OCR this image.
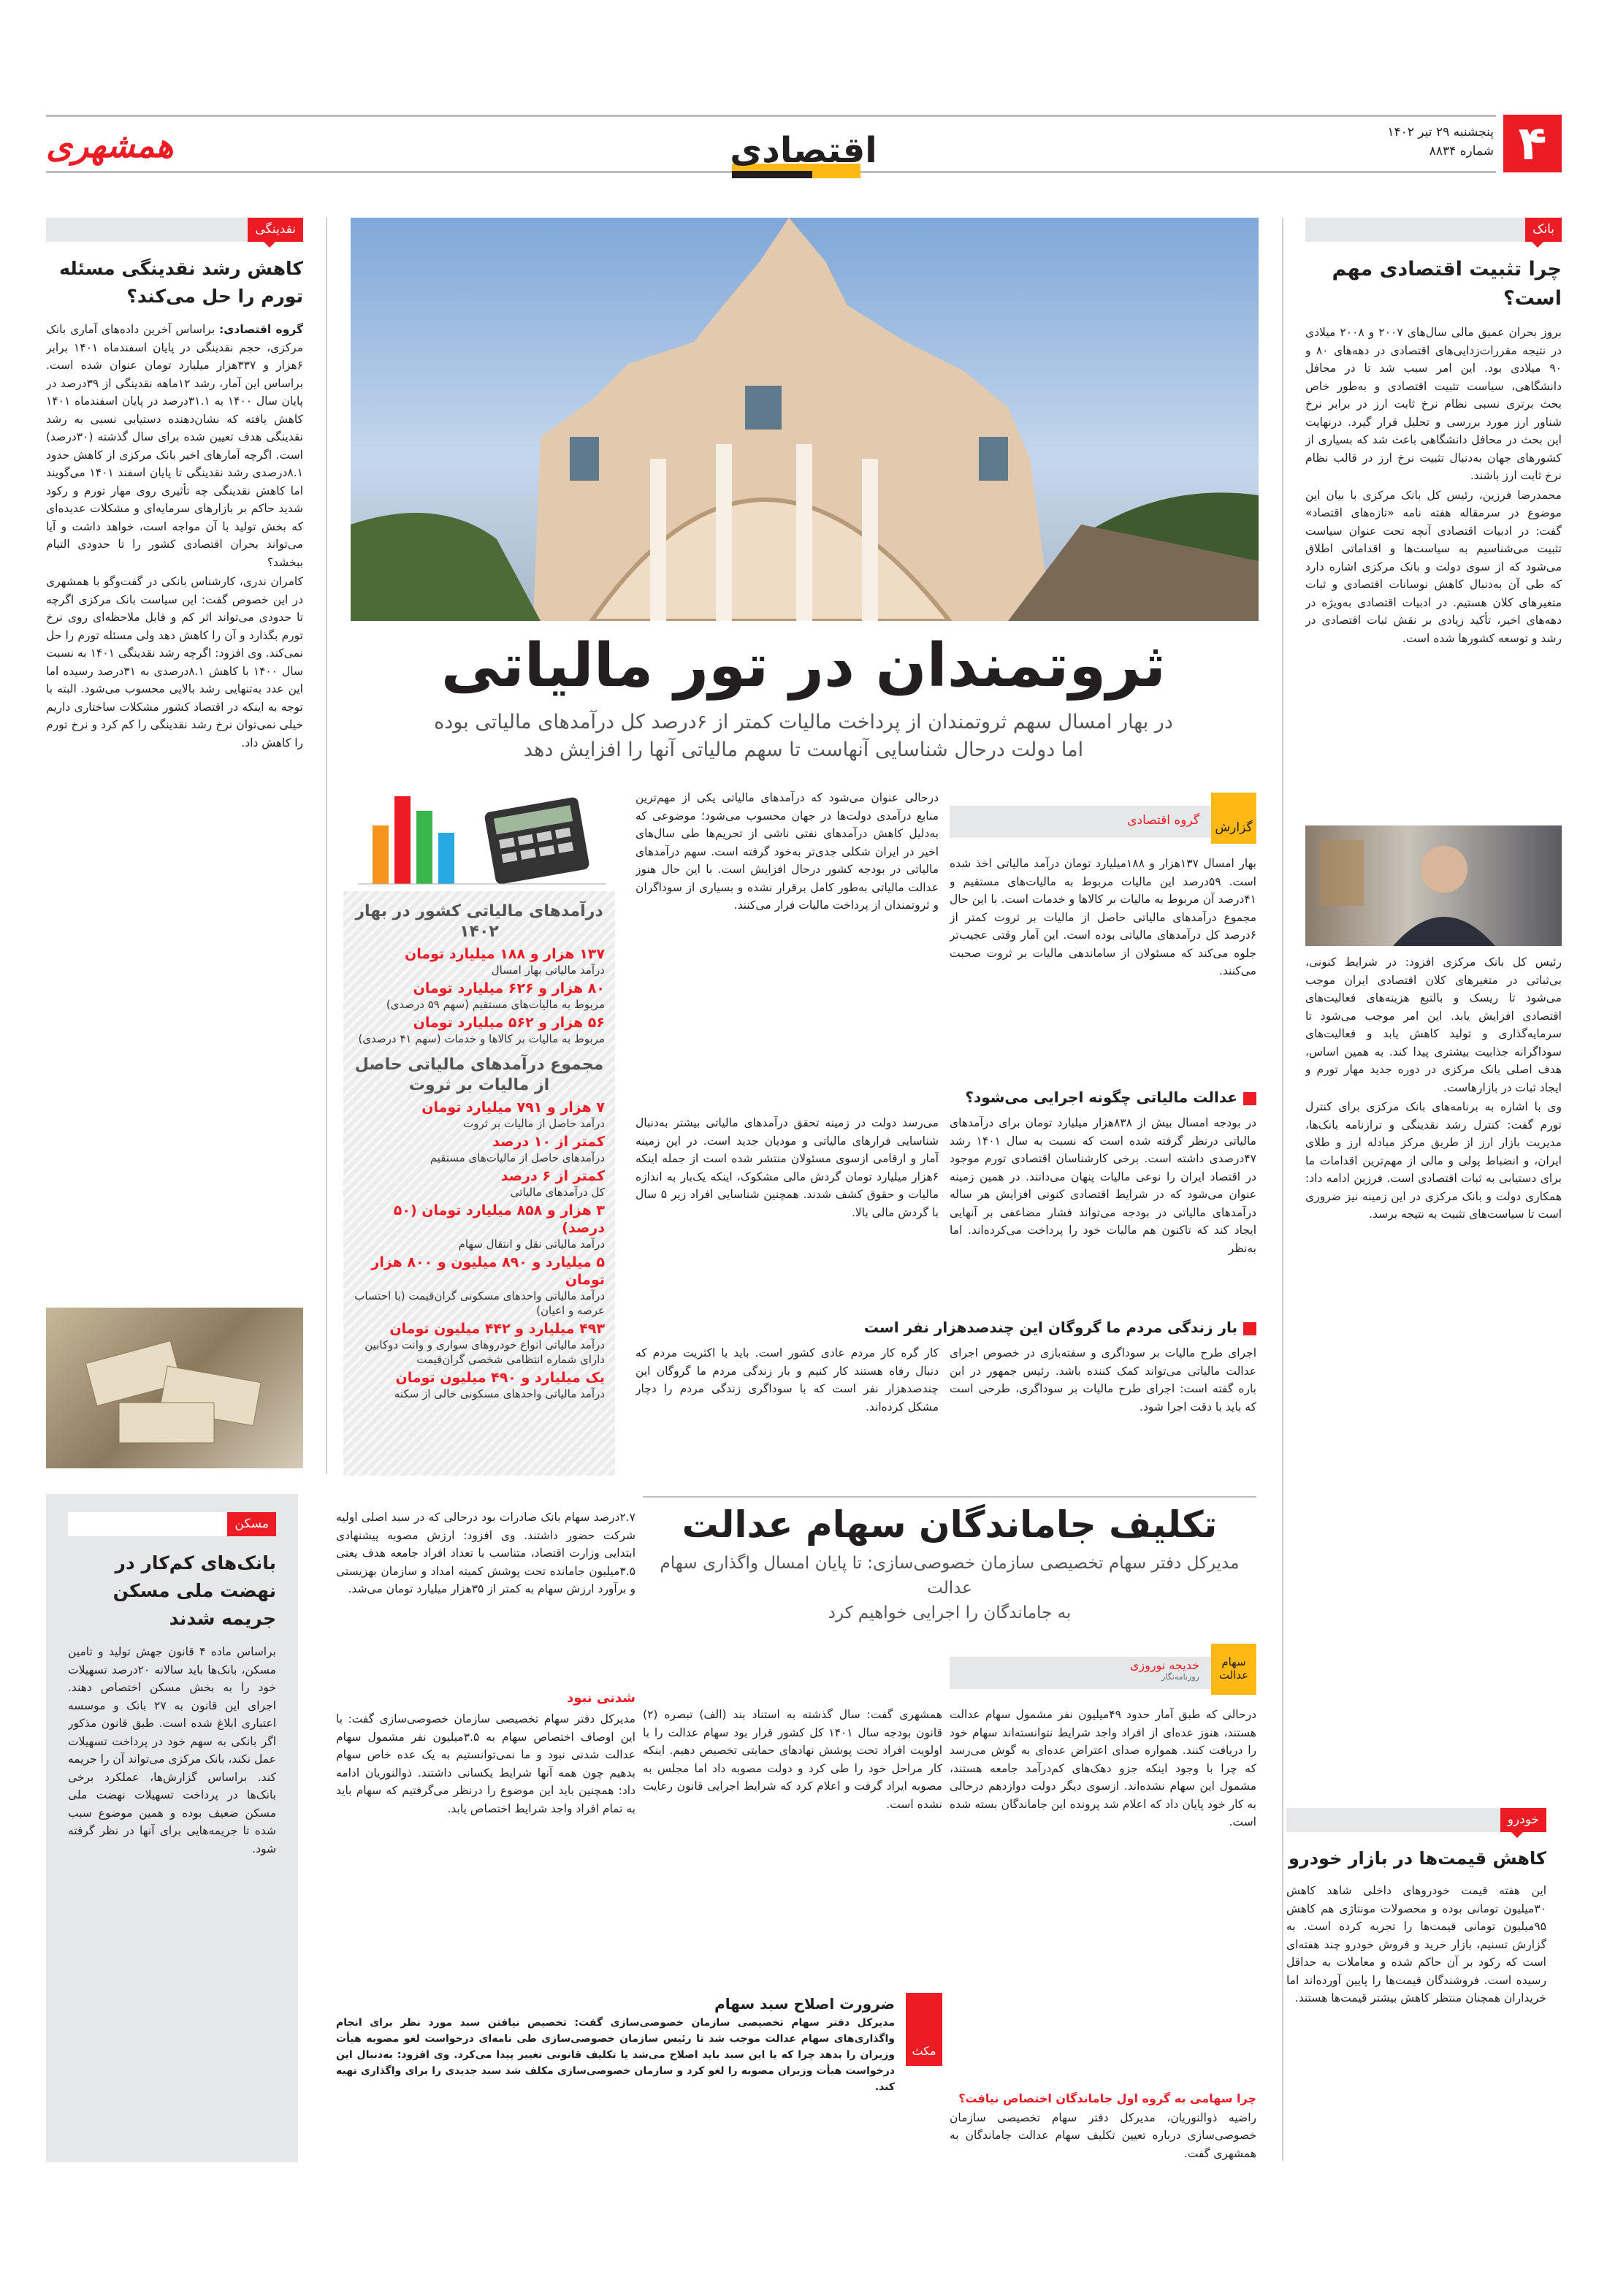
۴
پنجشنبه ۲۹ تیر ۱۴۰۲
شماره ۸۸۳۴
همشهری	اقتصادی
بانک
چرا تثبیت اقتصادی مهم است؟

بروز بحران عمیق مالی سال‌های ۲۰۰۷ و ۲۰۰۸ میلادی در نتیجه مقررات‌زدایی‌های اقتصادی در دهه‌های ۸۰ و ۹۰ میلادی بود. این امر سبب شد تا در محافل دانشگاهی، سیاست تثبیت اقتصادی و به‌طور خاص بحث برتری نسبی نظام نرخ ثابت ارز در برابر نرخ شناور ارز مورد بررسی و تحلیل قرار گیرد. درنهایت این بحث در محافل دانشگاهی باعث شد که بسیاری از کشورهای جهان به‌دنبال تثبیت نرخ ارز در قالب نظام نرخ ثابت ارز باشند.

محمدرضا فرزین، رئیس کل بانک مرکزی با بیان این موضوع در سرمقاله هفته نامه «تازه‌های اقتصاد» گفت: در ادبیات اقتصادی آنچه تحت عنوان سیاست تثبیت می‌شناسیم به سیاست‌ها و اقداماتی اطلاق می‌شود که از سوی دولت و بانک مرکزی اشاره دارد که طی آن به‌دنبال کاهش نوسانات اقتصادی و ثبات متغیرهای کلان هستیم. در ادبیات اقتصادی به‌ویژه در دهه‌های اخیر، تأکید زیادی بر نقش ثبات اقتصادی در رشد و توسعه کشورها شده است.

رئیس کل بانک مرکزی افزود: در شرایط کنونی، بی‌ثباتی در متغیرهای کلان اقتصادی ایران موجب می‌شود تا ریسک و بالتبع هزینه‌های فعالیت‌های اقتصادی افزایش یابد. این امر موجب می‌شود تا سرمایه‌گذاری و تولید کاهش یابد و فعالیت‌های سوداگرانه جذابیت بیشتری پیدا کند. به همین اساس، هدف اصلی بانک مرکزی در دوره جدید مهار تورم و ایجاد ثبات در بازارهاست.

وی با اشاره به برنامه‌های بانک مرکزی برای کنترل تورم گفت: کنترل رشد نقدینگی و ترازنامه بانک‌ها، مدیریت بازار ارز از طریق مرکز مبادله ارز و طلای ایران، و انضباط پولی و مالی از مهم‌ترین اقدامات ما برای دستیابی به ثبات اقتصادی است. فرزین ادامه داد: همکاری دولت و بانک مرکزی در این زمینه نیز ضروری است تا سیاست‌های تثبیت به نتیجه برسد.

خودرو
کاهش قیمت‌ها در بازار خودرو
این هفته قیمت خودروهای داخلی شاهد کاهش ۳۰میلیون تومانی بوده و محصولات مونتاژی هم کاهش ۹۵میلیون تومانی قیمت‌ها را تجربه کرده است. به گزارش تسنیم، بازار خرید و فروش خودرو چند هفته‌ای است که رکود بر آن حاکم شده و معاملات به حداقل رسیده است. فروشندگان قیمت‌ها را پایین آورده‌اند اما خریداران همچنان منتظر کاهش بیشتر قیمت‌ها هستند.
نقدینگی
کاهش رشد نقدینگی مسئله تورم را حل می‌کند؟

گروه اقتصادی: براساس آخرین داده‌های آماری بانک مرکزی، حجم نقدینگی در پایان اسفندماه ۱۴۰۱ برابر ۶هزار و ۳۳۷هزار میلیارد تومان عنوان شده است. براساس این آمار، رشد ۱۲ماهه نقدینگی از ۳۹درصد در پایان سال ۱۴۰۰ به ۳۱.۱درصد در پایان اسفندماه ۱۴۰۱ کاهش یافته که نشان‌دهنده دستیابی نسبی به رشد نقدینگی هدف تعیین شده برای سال گذشته (۳۰درصد) است. اگرچه آمارهای اخیر بانک مرکزی از کاهش حدود ۸.۱درصدی رشد نقدینگی تا پایان اسفند ۱۴۰۱ می‌گویند اما کاهش نقدینگی چه تأثیری روی مهار تورم و رکود شدید حاکم بر بازارهای سرمایه‌ای و مشکلات عدیده‌ای که بخش تولید با آن مواجه است، خواهد داشت و آیا می‌تواند بحران اقتصادی کشور را تا حدودی التیام ببخشد؟

کامران ندری، کارشناس بانکی در گفت‌وگو با همشهری در این خصوص گفت: این سیاست بانک مرکزی اگرچه تا حدودی می‌تواند اثر کم و قابل ملاحظه‌ای روی نرخ تورم بگذارد و آن را کاهش دهد ولی مسئله تورم را حل نمی‌کند. وی افزود: اگرچه رشد نقدینگی ۱۴۰۱ به نسبت سال ۱۴۰۰ با کاهش ۸.۱درصدی به ۳۱درصد رسیده اما این عدد به‌تنهایی رشد بالایی محسوب می‌شود. البته با توجه به اینکه در اقتصاد کشور مشکلات ساختاری داریم خیلی نمی‌توان نرخ رشد نقدینگی را کم کرد و نرخ تورم را کاهش داد.

مسکن
بانک‌های کم‌کار در نهضت ملی مسکن جریمه شدند
براساس ماده ۴ قانون جهش تولید و تامین مسکن، بانک‌ها باید سالانه ۲۰درصد تسهیلات خود را به بخش مسکن اختصاص دهند. اجرای این قانون به ۲۷ بانک و موسسه اعتباری ابلاغ شده است. طبق قانون مذکور اگر بانکی به سهم خود در پرداخت تسهیلات عمل نکند، بانک مرکزی می‌تواند آن را جریمه کند. براساس گزارش‌ها، عملکرد برخی بانک‌ها در پرداخت تسهیلات نهضت ملی مسکن ضعیف بوده و همین موضوع سبب شده تا جریمه‌هایی برای آنها در نظر گرفته شود.
ثروتمندان در تور مالیاتی
در بهار امسال سهم ثروتمندان از پرداخت مالیات کمتر از ۶درصد کل درآمدهای مالیاتی بوده
اما دولت درحال شناسایی آنهاست تا سهم مالیاتی آنها را افزایش دهد
درآمدهای مالیاتی کشور در بهار ۱۴۰۲
۱۳۷ هزار و ۱۸۸ میلیارد تومان
درآمد مالیاتی بهار امسال
۸۰ هزار و ۶۲۶ میلیارد تومان
مربوط به مالیات‌های مستقیم (سهم ۵۹ درصدی)
۵۶ هزار و ۵۶۲ میلیارد تومان
مربوط به مالیات بر کالاها و خدمات (سهم ۴۱ درصدی)
مجموع درآمدهای مالیاتی حاصل از مالیات بر ثروت
۷ هزار و ۷۹۱ میلیارد تومان
درآمد حاصل از مالیات بر ثروت
کمتر از ۱۰ درصد
درآمدهای حاصل از مالیات‌های مستقیم
کمتر از ۶ درصد
کل درآمدهای مالیاتی
۳ هزار و ۸۵۸ میلیارد تومان (۵۰ درصد)
درآمد مالیاتی نقل و انتقال سهام
۵ میلیارد و ۸۹۰ میلیون و ۸۰۰ هزار تومان
درآمد مالیاتی واحدهای مسکونی گران‌قیمت (با احتساب عرصه و اعیان)
۴۹۳ میلیارد و ۴۴۲ میلیون تومان
درآمد مالیاتی انواع خودروهای سواری و وانت دوکابین دارای شماره انتظامی شخصی گران‌قیمت
یک میلیارد و ۴۹۰ میلیون تومان
درآمد مالیاتی واحدهای مسکونی خالی از سکنه
گزارش
گروه اقتصادی
بهار امسال ۱۳۷هزار و ۱۸۸میلیارد تومان درآمد مالیاتی اخذ شده است. ۵۹درصد این مالیات مربوط به مالیات‌های مستقیم و ۴۱درصد آن مربوط به مالیات بر کالاها و خدمات است. با این حال مجموع درآمدهای مالیاتی حاصل از مالیات بر ثروت کمتر از ۶درصد کل درآمدهای مالیاتی بوده است. این آمار وقتی عجیب‌تر جلوه می‌کند که مسئولان از ساماندهی مالیات بر ثروت صحبت می‌کنند.
درحالی عنوان می‌شود که درآمدهای مالیاتی یکی از مهم‌ترین منابع درآمدی دولت‌ها در جهان محسوب می‌شود؛ موضوعی که به‌دلیل کاهش درآمدهای نفتی ناشی از تحریم‌ها طی سال‌های اخیر در ایران شکلی جدی‌تر به‌خود گرفته است. سهم درآمدهای مالیاتی در بودجه کشور درحال افزایش است. با این حال هنوز عدالت مالیاتی به‌طور کامل برقرار نشده و بسیاری از سوداگران و ثروتمندان از پرداخت مالیات فرار می‌کنند.
عدالت مالیاتی چگونه اجرایی می‌شود؟
در بودجه امسال بیش از ۸۳۸هزار میلیارد تومان برای درآمدهای مالیاتی درنظر گرفته شده است که نسبت به سال ۱۴۰۱ رشد ۴۷درصدی داشته است. برخی کارشناسان اقتصادی تورم موجود در اقتصاد ایران را نوعی مالیات پنهان می‌دانند. در همین زمینه عنوان می‌شود که در شرایط اقتصادی کنونی افزایش هر ساله درآمدهای مالیاتی در بودجه می‌تواند فشار مضاعفی بر آنهایی ایجاد کند که تاکنون هم مالیات خود را پرداخت می‌کرده‌اند. اما به‌نظر
می‌رسد دولت در زمینه تحقق درآمدهای مالیاتی بیشتر به‌دنبال شناسایی فرارهای مالیاتی و مودیان جدید است. در این زمینه آمار و ارقامی ازسوی مسئولان منتشر شده است از جمله اینکه ۶هزار میلیارد تومان گردش مالی مشکوک، اینکه یک‌بار به اندازه مالیات و حقوق کشف شدند. همچنین شناسایی افراد زیر ۵ سال با گردش مالی بالا.
بار زندگی مردم ما گروگان این چندصدهزار نفر است
اجرای طرح مالیات بر سوداگری و سفته‌بازی در خصوص اجرای عدالت مالیاتی می‌تواند کمک کننده باشد. رئیس جمهور در این باره گفته است: اجرای طرح مالیات بر سوداگری، طرحی است که باید با دقت اجرا شود.
کار گره کار مردم عادی کشور است. باید با اکثریت مردم که دنبال رفاه هستند کار کنیم و بار زندگی مردم ما گروگان این چندصدهزار نفر است که با سوداگری زندگی مردم را دچار مشکل کرده‌اند.
تکلیف جاماندگان سهام عدالت
مدیرکل دفتر سهام تخصیصی سازمان خصوصی‌سازی: تا پایان امسال واگذاری سهام عدالت
به جاماندگان را اجرایی خواهیم کرد
سهام عدالت
خدیجه نوروزی
روزنامه‌نگار
درحالی که طبق آمار حدود ۴۹میلیون نفر مشمول سهام عدالت هستند، هنوز عده‌ای از افراد واجد شرایط نتوانسته‌اند سهام خود را دریافت کنند. همواره صدای اعتراض عده‌ای به گوش می‌رسد که چرا با وجود اینکه جزو دهک‌های کم‌درآمد جامعه هستند، مشمول این سهام نشده‌اند. ازسوی دیگر دولت دوازدهم درحالی به کار خود پایان داد که اعلام شد پرونده این جاماندگان بسته شده است.
چرا سهامی به گروه اول جاماندگان اختصاص نیافت؟
راضیه ذوالنوریان، مدیرکل دفتر سهام تخصیصی سازمان خصوصی‌سازی درباره تعیین تکلیف سهام عدالت جاماندگان به همشهری گفت.
همشهری گفت: سال گذشته به استناد بند (الف) تبصره (۲) قانون بودجه سال ۱۴۰۱ کل کشور قرار بود سهام عدالت را با اولویت افراد تحت پوشش نهادهای حمایتی تخصیص دهیم. اینکه کار مراحل خود را طی کرد و دولت مصوبه داد اما مجلس به مصوبه ایراد گرفت و اعلام کرد که شرایط اجرایی قانون رعایت نشده است.
۲.۷درصد سهام بانک صادرات بود درحالی که در سبد اصلی اولیه شرکت حضور داشتند. وی افزود: ارزش مصوبه پیشنهادی ابتدایی وزارت اقتصاد، متناسب با تعداد افراد جامعه هدف یعنی ۳.۵میلیون جامانده تحت پوشش کمیته امداد و سازمان بهزیستی و برآورد ارزش سهام به کمتر از ۳۵هزار میلیارد تومان می‌شد.
شدنی نبود
مدیرکل دفتر سهام تخصیصی سازمان خصوصی‌سازی گفت: با این اوصاف اختصاص سهام به ۳.۵میلیون نفر مشمول سهام عدالت شدنی نبود و ما نمی‌توانستیم به یک عده خاص سهام بدهیم چون همه آنها شرایط یکسانی داشتند. ذوالنوریان ادامه داد: همچنین باید این موضوع را درنظر می‌گرفتیم که سهام باید به تمام افراد واجد شرایط اختصاص یابد.
مکث
ضرورت اصلاح سبد سهام
مدیرکل دفتر سهام تخصیصی سازمان خصوصی‌سازی گفت: تخصیص نیافتن سبد مورد نظر برای انجام واگذاری‌های سهام عدالت موجب شد تا رئیس سازمان خصوصی‌سازی طی نامه‌ای درخواست لغو مصوبه هیأت وزیران را بدهد چرا که یا این سبد باید اصلاح می‌شد یا تکلیف قانونی تغییر پیدا می‌کرد. وی افزود: به‌دنبال این درخواست هیأت وزیران مصوبه را لغو کرد و سازمان خصوصی‌سازی مکلف شد سبد جدیدی را برای واگذاری تهیه کند.
